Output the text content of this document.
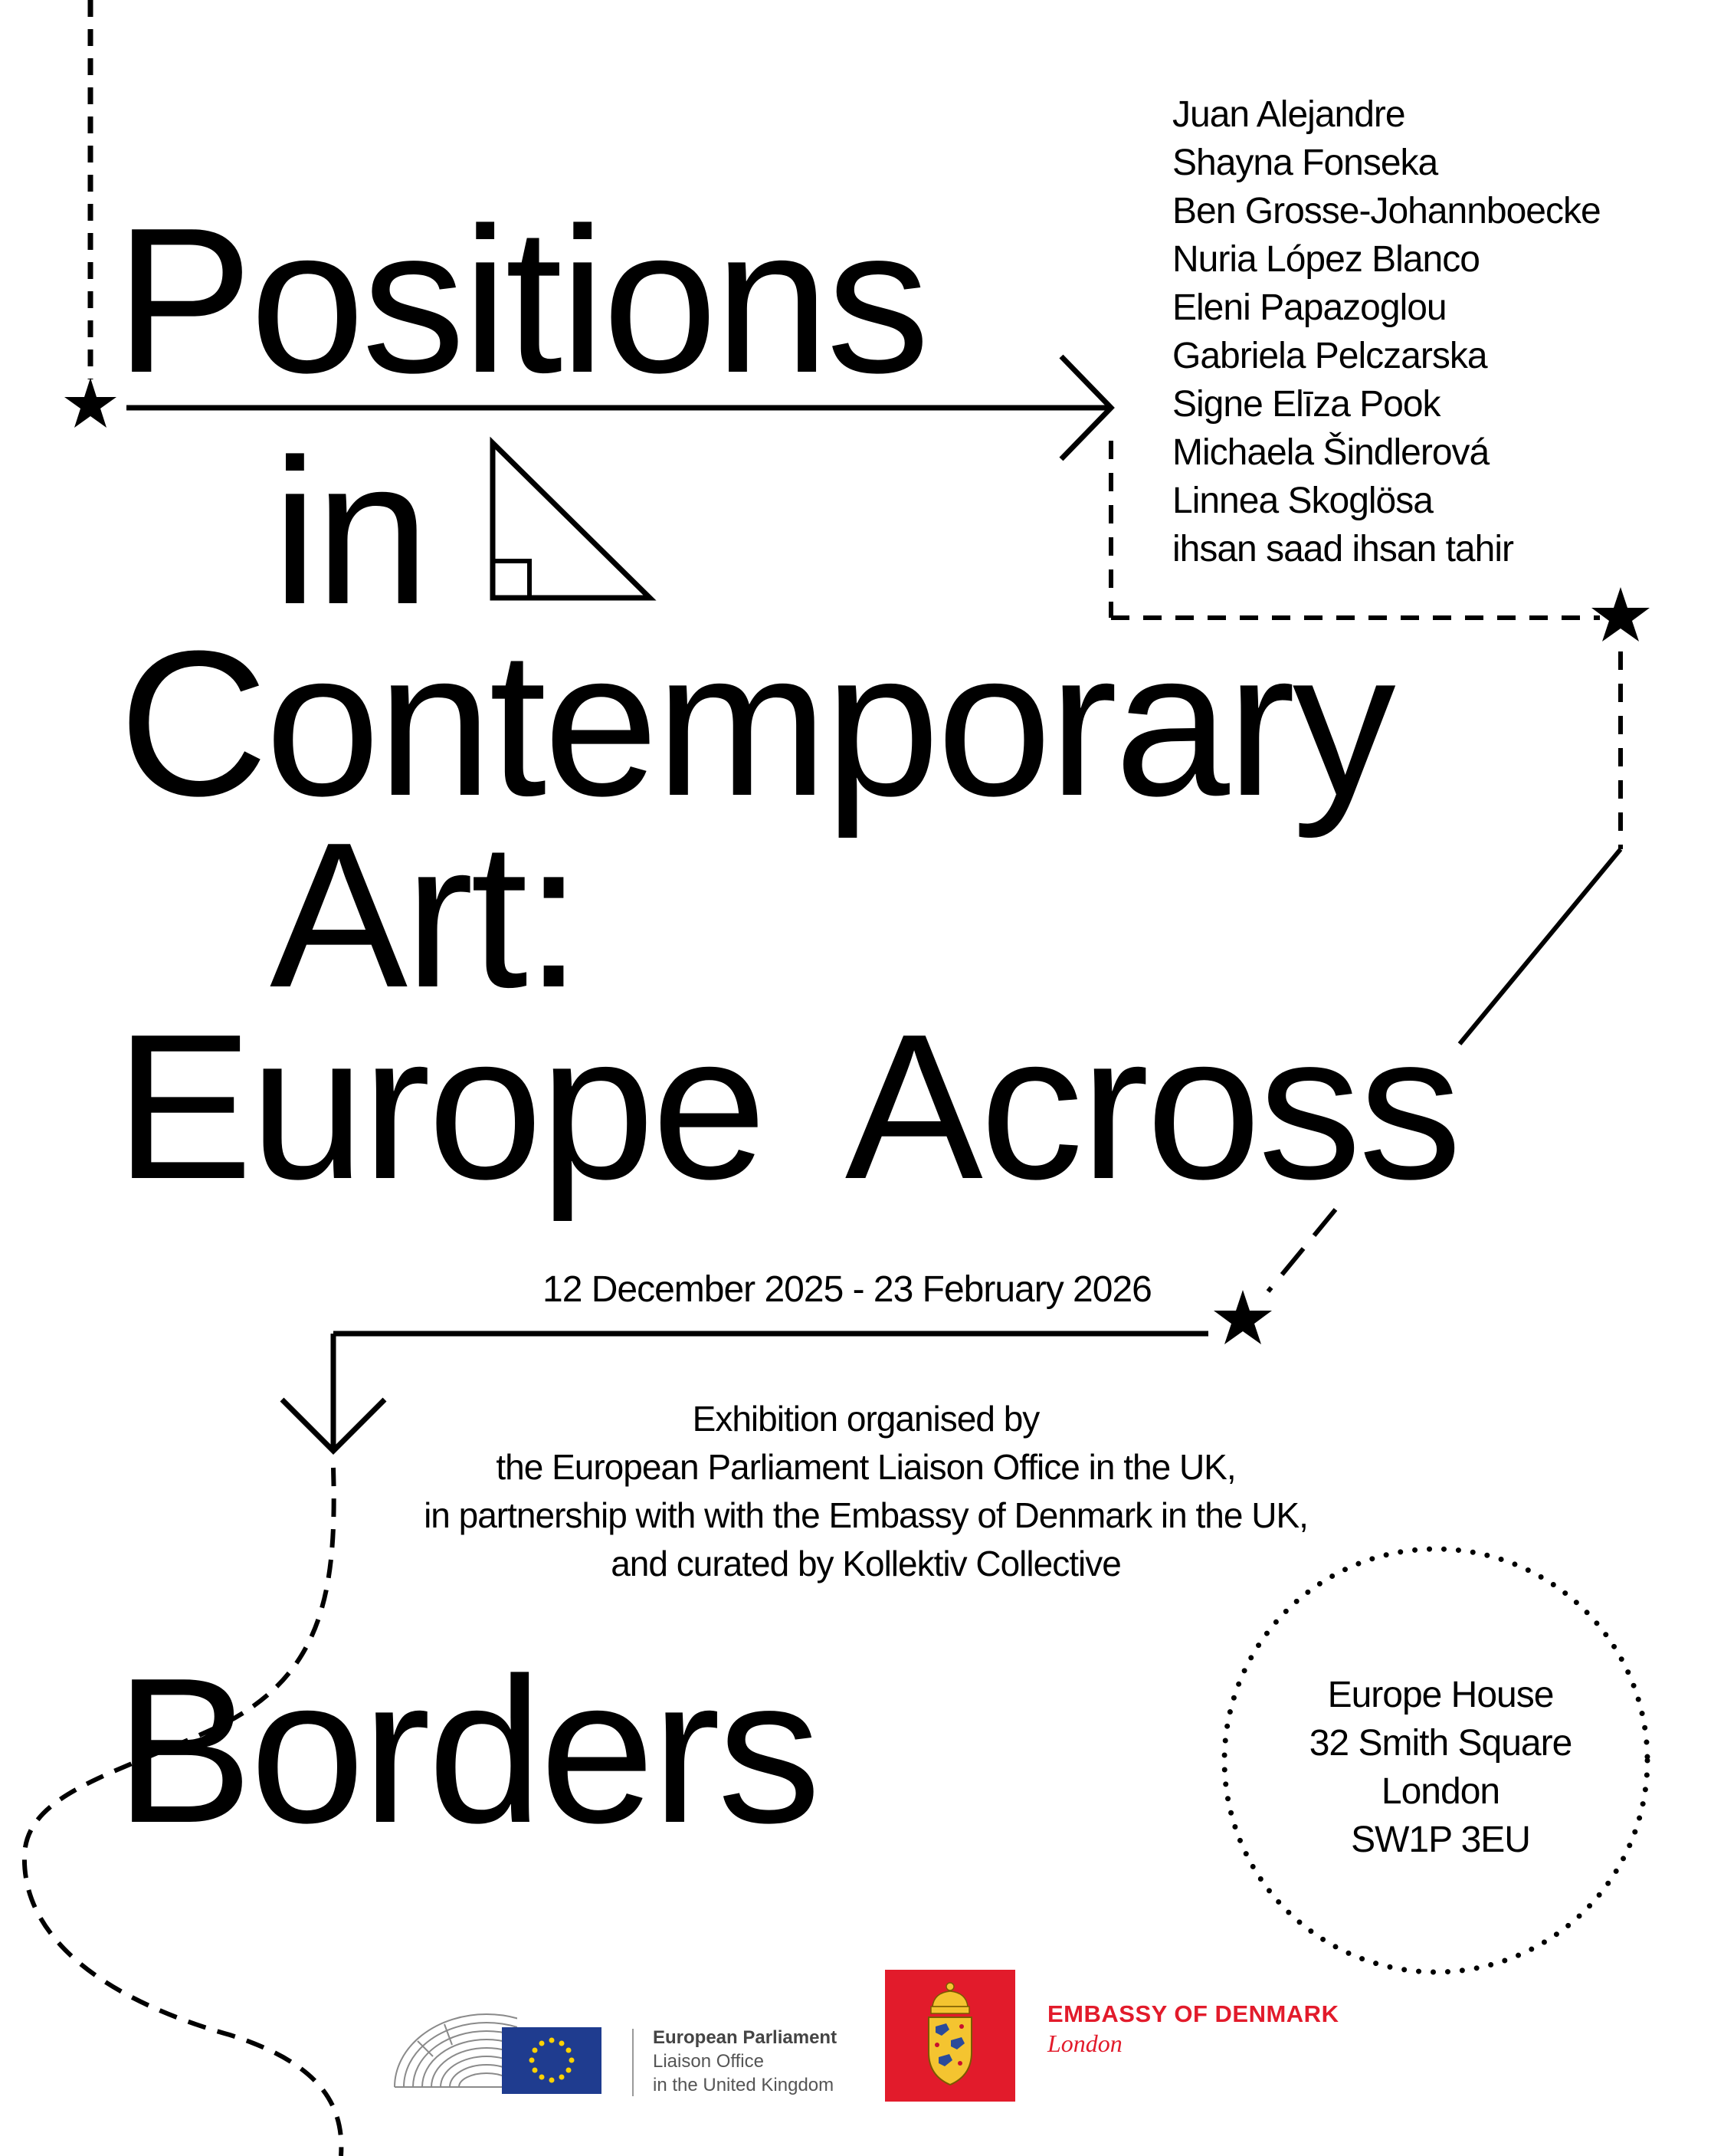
Positions
in
Contemporary
Art:
Europe Across
Borders
Juan Alejandre
Shayna Fonseka
Ben Grosse-Johannboecke
Nuria López Blanco
Eleni Papazoglou
Gabriela Pelczarska
Signe Elīza Pook
Michaela Šindlerová
Linnea Skoglösa
ihsan saad ihsan tahir
12 December 2025 - 23 February 2026
Exhibition organised by
the European Parliament Liaison Office in the UK,
in partnership with with the Embassy of Denmark in the UK,
and curated by Kollektiv Collective
Europe House
32 Smith Square
London
SW1P 3EU
European Parliament
Liaison Office
in the United Kingdom
EMBASSY OF DENMARK
London
